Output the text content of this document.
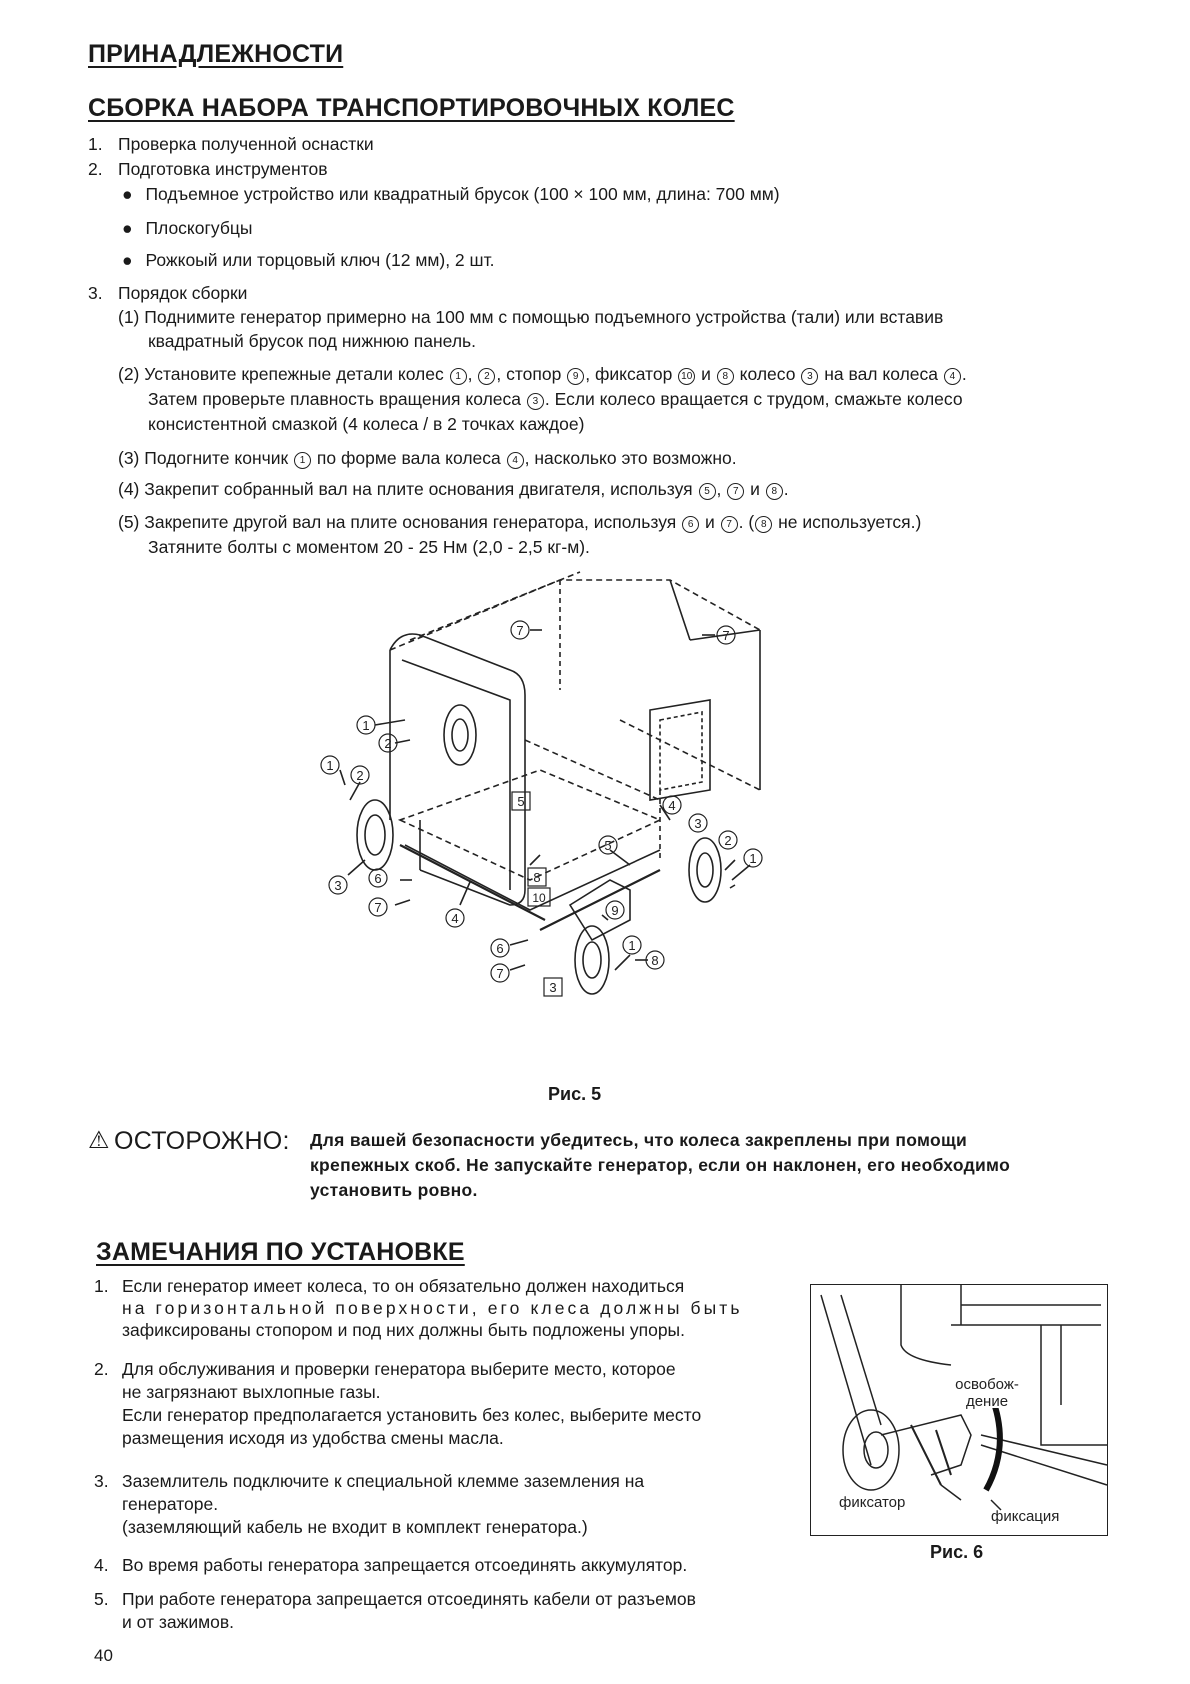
ПРИНАДЛЕЖНОСТИ
СБОРКА НАБОРА ТРАНСПОРТИРОВОЧНЫХ КОЛЕС
1. Проверка полученной оснастки
2. Подготовка инструментов
● Подъемное устройство или квадратный брусок (100 × 100 мм, длина: 700 мм)
● Плоскогубцы
● Рожкоый или торцовый ключ (12 мм), 2 шт.
3. Порядок сборки
(1) Поднимите генератор примерно на 100 мм с помощью подъемного устройства (тали) или вставив
квадратный брусок под нижнюю панель.
(2) Установите крепежные детали колес 1 , 2 , стопор 9 , фиксатор 10 и 8 колесо 3 на вал колеса 4 .
Затем проверьте плавность вращения колеса 3 . Если колесо вращается с трудом, смажьте колесо
консистентной смазкой (4 колеса / в 2 точках каждое)
(3) Подогните кончик 1 по форме вала колеса 4 , насколько это возможно.
(4) Закрепит собранный вал на плите основания двигателя, используя 5 , 7 и 8 .
(5) Закрепите другой вал на плите основания генератора, используя 6 и 7 . ( 8 не используется.)
Затяните болты с моментом 20 - 25 Нм (2,0 - 2,5 кг-м).
7	7
1
2
1
2
5	4
3
2
1
5
3	6
7
4
8
10
9
8
6
7
1
3
Рис. 5
⚠ ОСТОРОЖНО: Для вашей безопасности убедитесь, что колеса закреплены при помощи
крепежных скоб. Не запускайте генератор, если он наклонен, его необходимо
установить ровно.
ЗАМЕЧАНИЯ ПО УСТАНОВКЕ
1. Если генератор имеет колеса, то он обязательно должен находиться
на горизонтальной поверхности, его клеса должны быть
зафиксированы стопором и под них должны быть подложены упоры.
2. Для обслуживания и проверки генератора выберите место, которое
не загрязнают выхлопные газы.
Если генератор предполагается установить без колес, выберите место
размещения исходя из удобства смены масла.
3. Заземлитель подключите к специальной клемме заземления на
генераторе.
(заземляющий кабель не входит в комплект генератора.)
4. Во время работы генератора запрещается отсоединять аккумулятор.
5. При работе генератора запрещается отсоединять кабели от разъемов
и от зажимов.
освобож-
дение
фиксатор
фиксация
Рис. 6
40
